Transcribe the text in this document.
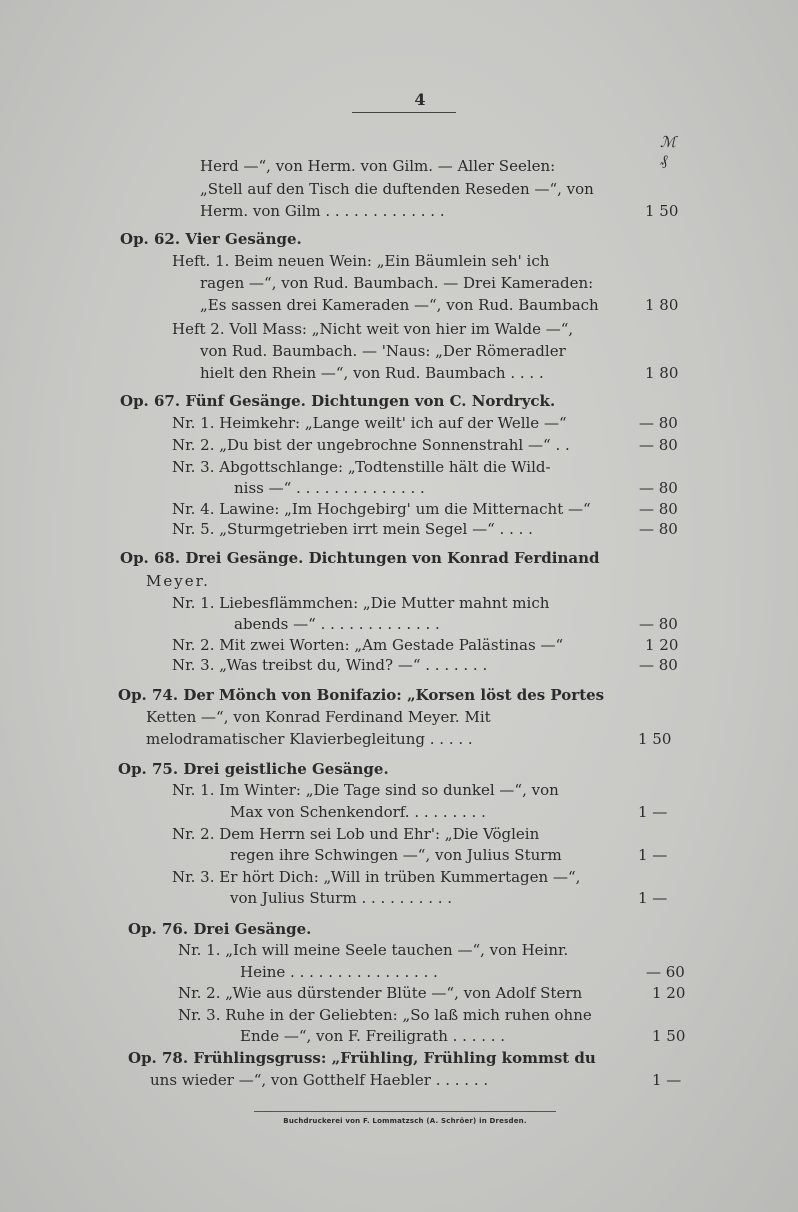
4
ℳ ₰
Herd —“, von Herm. von Gilm. — Aller Seelen:
„Stell auf den Tisch die duftenden Reseden —“, von
Herm. von Gilm . . . . . . . . . . . . .	1 50
Op. 62. Vier Gesänge.
Heft. 1. Beim neuen Wein: „Ein Bäumlein seh' ich
ragen —“, von Rud. Baumbach. — Drei Kameraden:
„Es sassen drei Kameraden —“, von Rud. Baumbach	1 80
Heft 2. Voll Mass: „Nicht weit von hier im Walde —“,
von Rud. Baumbach. — 'Naus: „Der Römeradler
hielt den Rhein —“, von Rud. Baumbach . . . .	1 80
Op. 67. Fünf Gesänge. Dichtungen von C. Nordryck.
Nr. 1. Heimkehr: „Lange weilt' ich auf der Welle —“	— 80
Nr. 2. „Du bist der ungebrochne Sonnenstrahl —“ . .	— 80
Nr. 3. Abgottschlange: „Todtenstille hält die Wild-
niss —“ . . . . . . . . . . . . . .	— 80
Nr. 4. Lawine: „Im Hochgebirg' um die Mitternacht —“	— 80
Nr. 5. „Sturmgetrieben irrt mein Segel —“ . . . .	— 80
Op. 68. Drei Gesänge. Dichtungen von Konrad Ferdinand
Meyer.
Nr. 1. Liebesflämmchen: „Die Mutter mahnt mich
abends —“ . . . . . . . . . . . . .	— 80
Nr. 2. Mit zwei Worten: „Am Gestade Palästinas —“	1 20
Nr. 3. „Was treibst du, Wind? —“ . . . . . . .	— 80
Op. 74. Der Mönch von Bonifazio: „Korsen löst des Portes
Ketten —“, von Konrad Ferdinand Meyer. Mit
melodramatischer Klavierbegleitung . . . . .	1 50
Op. 75. Drei geistliche Gesänge.
Nr. 1. Im Winter: „Die Tage sind so dunkel —“, von
Max von Schenkendorf. . . . . . . . .	1 —
Nr. 2. Dem Herrn sei Lob und Ehr': „Die Vöglein
regen ihre Schwingen —“, von Julius Sturm	1 —
Nr. 3. Er hört Dich: „Will in trüben Kummertagen —“,
von Julius Sturm . . . . . . . . . .	1 —
Op. 76. Drei Gesänge.
Nr. 1. „Ich will meine Seele tauchen —“, von Heinr.
Heine . . . . . . . . . . . . . . . .	— 60
Nr. 2. „Wie aus dürstender Blüte —“, von Adolf Stern	1 20
Nr. 3. Ruhe in der Geliebten: „So laß mich ruhen ohne
Ende —“, von F. Freiligrath . . . . . .	1 50
Op. 78. Frühlingsgruss: „Frühling, Frühling kommst du
uns wieder —“, von Gotthelf Haebler . . . . . .	1 —
Buchdruckerei von F. Lommatzsch (A. Schröer) in Dresden.
